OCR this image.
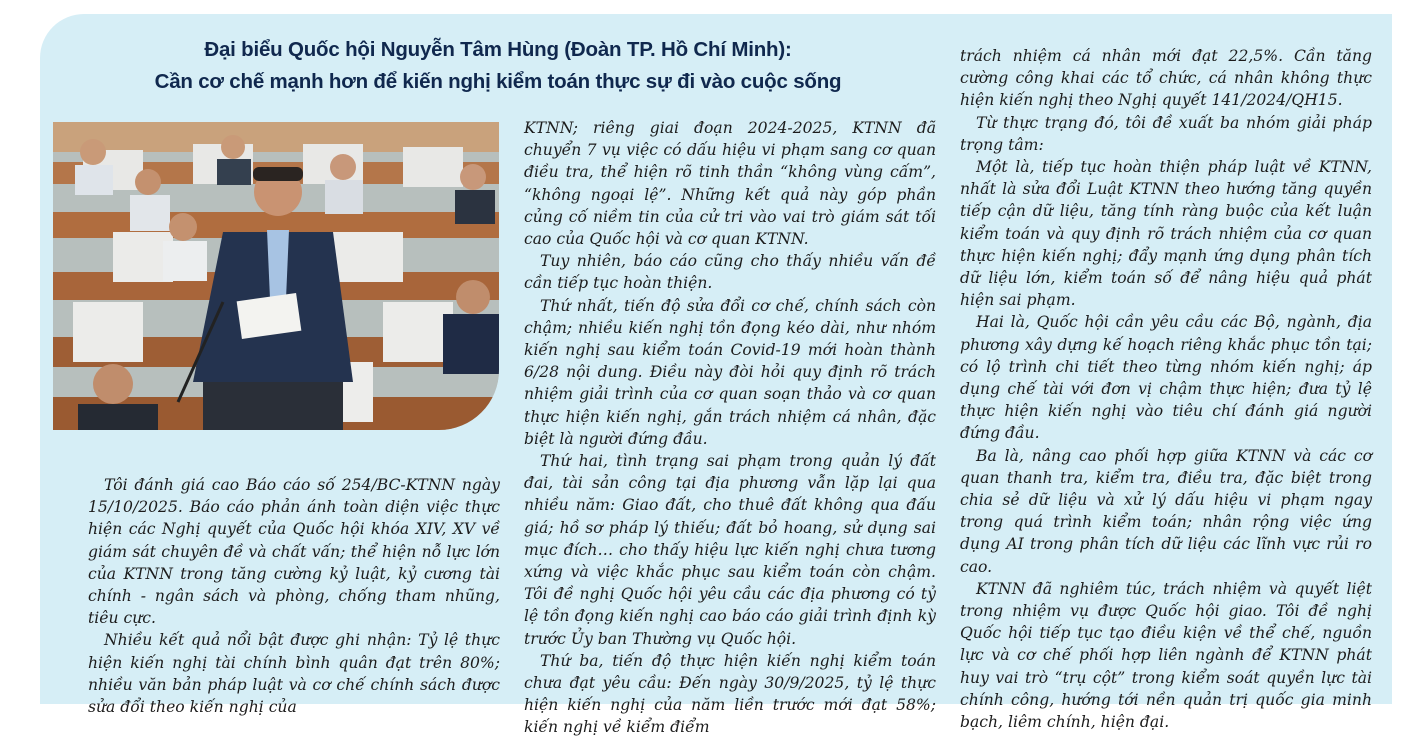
Đại biểu Quốc hội Nguyễn Tâm Hùng (Đoàn TP. Hồ Chí Minh):
Cần cơ chế mạnh hơn để kiến nghị kiểm toán thực sự đi vào cuộc sống

Tôi đánh giá cao Báo cáo số 254/BC-KTNN ngày 15/10/2025. Báo cáo phản ánh toàn diện việc thực hiện các Nghị quyết của Quốc hội khóa XIV, XV về giám sát chuyên đề và chất vấn; thể hiện nỗ lực lớn của KTNN trong tăng cường kỷ luật, kỷ cương tài chính - ngân sách và phòng, chống tham nhũng, tiêu cực.

Nhiều kết quả nổi bật được ghi nhận: Tỷ lệ thực hiện kiến nghị tài chính bình quân đạt trên 80%; nhiều văn bản pháp luật và cơ chế chính sách được sửa đổi theo kiến nghị của

KTNN; riêng giai đoạn 2024-2025, KTNN đã chuyển 7 vụ việc có dấu hiệu vi phạm sang cơ quan điều tra, thể hiện rõ tinh thần “không vùng cấm”, “không ngoại lệ”. Những kết quả này góp phần củng cố niềm tin của cử tri vào vai trò giám sát tối cao của Quốc hội và cơ quan KTNN.

Tuy nhiên, báo cáo cũng cho thấy nhiều vấn đề cần tiếp tục hoàn thiện.

Thứ nhất, tiến độ sửa đổi cơ chế, chính sách còn chậm; nhiều kiến nghị tồn đọng kéo dài, như nhóm kiến nghị sau kiểm toán Covid-19 mới hoàn thành 6/28 nội dung. Điều này đòi hỏi quy định rõ trách nhiệm giải trình của cơ quan soạn thảo và cơ quan thực hiện kiến nghị, gắn trách nhiệm cá nhân, đặc biệt là người đứng đầu.

Thứ hai, tình trạng sai phạm trong quản lý đất đai, tài sản công tại địa phương vẫn lặp lại qua nhiều năm: Giao đất, cho thuê đất không qua đấu giá; hồ sơ pháp lý thiếu; đất bỏ hoang, sử dụng sai mục đích… cho thấy hiệu lực kiến nghị chưa tương xứng và việc khắc phục sau kiểm toán còn chậm. Tôi đề nghị Quốc hội yêu cầu các địa phương có tỷ lệ tồn đọng kiến nghị cao báo cáo giải trình định kỳ trước Ủy ban Thường vụ Quốc hội.

Thứ ba, tiến độ thực hiện kiến nghị kiểm toán chưa đạt yêu cầu: Đến ngày 30/9/2025, tỷ lệ thực hiện kiến nghị của năm liền trước mới đạt 58%; kiến nghị về kiểm điểm

trách nhiệm cá nhân mới đạt 22,5%. Cần tăng cường công khai các tổ chức, cá nhân không thực hiện kiến nghị theo Nghị quyết 141/2024/QH15.

Từ thực trạng đó, tôi đề xuất ba nhóm giải pháp trọng tâm:

Một là, tiếp tục hoàn thiện pháp luật về KTNN, nhất là sửa đổi Luật KTNN theo hướng tăng quyền tiếp cận dữ liệu, tăng tính ràng buộc của kết luận kiểm toán và quy định rõ trách nhiệm của cơ quan thực hiện kiến nghị; đẩy mạnh ứng dụng phân tích dữ liệu lớn, kiểm toán số để nâng hiệu quả phát hiện sai phạm.

Hai là, Quốc hội cần yêu cầu các Bộ, ngành, địa phương xây dựng kế hoạch riêng khắc phục tồn tại; có lộ trình chi tiết theo từng nhóm kiến nghị; áp dụng chế tài với đơn vị chậm thực hiện; đưa tỷ lệ thực hiện kiến nghị vào tiêu chí đánh giá người đứng đầu.

Ba là, nâng cao phối hợp giữa KTNN và các cơ quan thanh tra, kiểm tra, điều tra, đặc biệt trong chia sẻ dữ liệu và xử lý dấu hiệu vi phạm ngay trong quá trình kiểm toán; nhân rộng việc ứng dụng AI trong phân tích dữ liệu các lĩnh vực rủi ro cao.

KTNN đã nghiêm túc, trách nhiệm và quyết liệt trong nhiệm vụ được Quốc hội giao. Tôi đề nghị Quốc hội tiếp tục tạo điều kiện về thể chế, nguồn lực và cơ chế phối hợp liên ngành để KTNN phát huy vai trò “trụ cột” trong kiểm soát quyền lực tài chính công, hướng tới nền quản trị quốc gia minh bạch, liêm chính, hiện đại.
